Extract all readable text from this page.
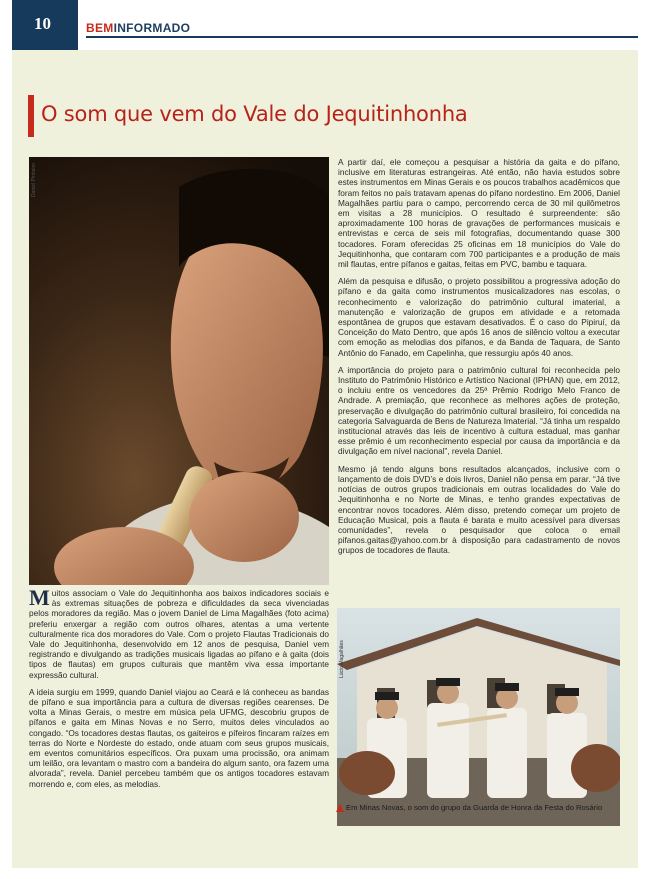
10	BEMINFORMADO
O som que vem do Vale do Jequitinhonha
Daniel Pinheiro

Muitos associam o Vale do Jequitinhonha aos baixos indicadores sociais e às extremas situações de pobreza e dificuldades da seca vivenciadas pelos moradores da região. Mas o jovem Daniel de Lima Magalhães (foto acima) preferiu enxergar a região com outros olhares, atentas a uma vertente culturalmente rica dos moradores do Vale. Com o projeto Flautas Tradicionais do Vale do Jequitinhonha, desenvolvido em 12 anos de pesquisa, Daniel vem registrando e divulgando as tradições musicais ligadas ao pífano e à gaita (dois tipos de flautas) em grupos culturais que mantêm viva essa importante expressão cultural.

A ideia surgiu em 1999, quando Daniel viajou ao Ceará e lá conheceu as bandas de pífano e sua importância para a cultura de diversas regiões cearenses. De volta a Minas Gerais, o mestre em música pela UFMG, descobriu grupos de pífanos e gaita em Minas Novas e no Serro, muitos deles vinculados ao congado. “Os tocadores destas flautas, os gaiteiros e pífeiros fincaram raízes em terras do Norte e Nordeste do estado, onde atuam com seus grupos musicais, em eventos comunitários específicos. Ora puxam uma procissão, ora animam um leilão, ora levantam o mastro com a bandeira do algum santo, ora fazem uma alvorada”, revela. Daniel percebeu também que os antigos tocadores estavam morrendo e, com eles, as melodias.

A partir daí, ele começou a pesquisar a história da gaita e do pífano, inclusive em literaturas estrangeiras. Até então, não havia estudos sobre estes instrumentos em Minas Gerais e os poucos trabalhos acadêmicos que foram feitos no país tratavam apenas do pífano nordestino. Em 2006, Daniel Magalhães partiu para o campo, percorrendo cerca de 30 mil quilômetros em visitas a 28 municípios. O resultado é surpreendente: são aproximadamente 100 horas de gravações de performances musicais e entrevistas e cerca de seis mil fotografias, documentando quase 300 tocadores. Foram oferecidas 25 oficinas em 18 municípios do Vale do Jequitinhonha, que contaram com 700 participantes e a produção de mais mil flautas, entre pífanos e gaitas, feitas em PVC, bambu e taquara.

Além da pesquisa e difusão, o projeto possibilitou a progressiva adoção do pífano e da gaita como instrumentos musicalizadores nas escolas, o reconhecimento e valorização do patrimônio cultural imaterial, a manutenção e valorização de grupos em atividade e a retomada espontânea de grupos que estavam desativados. É o caso do Pipiruí, da Conceição do Mato Dentro, que após 16 anos de silêncio voltou a executar com emoção as melodias dos pífanos, e da Banda de Taquara, de Santo Antônio do Fanado, em Capelinha, que ressurgiu após 40 anos.

A importância do projeto para o patrimônio cultural foi reconhecida pelo Instituto do Patrimônio Histórico e Artístico Nacional (IPHAN) que, em 2012, o incluiu entre os vencedores da 25ª Prêmio Rodrigo Melo Franco de Andrade. A premiação, que reconhece as melhores ações de proteção, preservação e divulgação do patrimônio cultural brasileiro, foi concedida na categoria Salvaguarda de Bens de Natureza Imaterial. “Já tinha um respaldo institucional através das leis de incentivo à cultura estadual, mas ganhar esse prêmio é um reconhecimento especial por causa da importância e da divulgação em nível nacional”, revela Daniel.

Mesmo já tendo alguns bons resultados alcançados, inclusive com o lançamento de dois DVD’s e dois livros, Daniel não pensa em parar. “Já tive notícias de outros grupos tradicionais em outras localidades do Vale do Jequitinhonha e no Norte de Minas, e tenho grandes expectativas de encontrar novos tocadores. Além disso, pretendo começar um projeto de Educação Musical, pois a flauta é barata e muito acessível para diversas comunidades”, revela o pesquisador que coloca o email pifanos.gaitas@yahoo.com.br à disposição para cadastramento de novos grupos de tocadores de flauta.

Lúcio Magalhães
Em Minas Novas, o som do grupo da Guarda de Honra da Festa do Rosário
